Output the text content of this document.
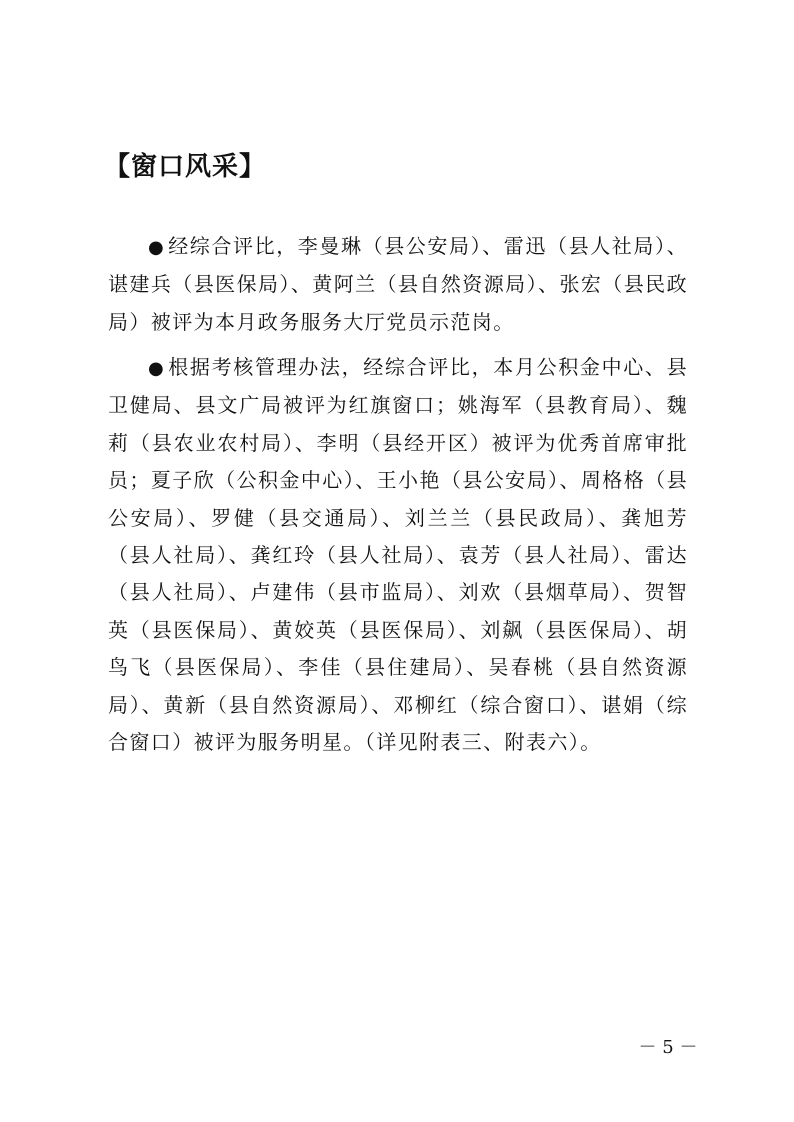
【窗口风采】

● 经综合评比，李曼琳（县公安局）、雷迅（县人社局）、谌建兵（县医保局）、黄阿兰（县自然资源局）、张宏（县民政局）被评为本月政务服务大厅党员示范岗。

● 根据考核管理办法，经综合评比，本月公积金中心、县卫健局、县文广局被评为红旗窗口；姚海军（县教育局）、魏莉（县农业农村局）、李明（县经开区）被评为优秀首席审批员；夏子欣（公积金中心）、王小艳（县公安局）、周格格（县公安局）、罗健（县交通局）、刘兰兰（县民政局）、龚旭芳（县人社局）、龚红玲（县人社局）、袁芳（县人社局）、雷达（县人社局）、卢建伟（县市监局）、刘欢（县烟草局）、贺智英（县医保局）、黄姣英（县医保局）、刘飙（县医保局）、胡鸟飞（县医保局）、李佳（县住建局）、吴春桃（县自然资源局）、黄新（县自然资源局）、邓柳红（综合窗口）、谌娟（综合窗口）被评为服务明星。（详见附表三、附表六）。

－ 5 －
